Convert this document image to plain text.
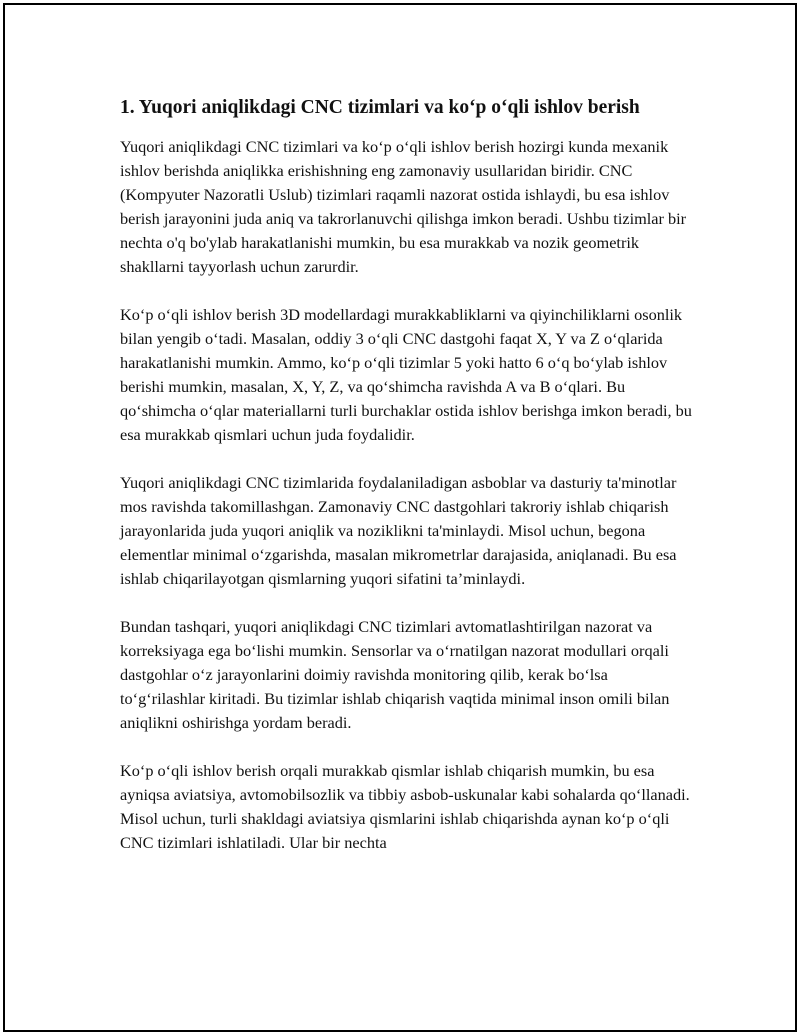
1. Yuqori aniqlikdagi CNC tizimlari va ko‘p o‘qli ishlov berish

Yuqori aniqlikdagi CNC tizimlari va ko‘p o‘qli ishlov berish hozirgi kunda mexanik ishlov berishda aniqlikka erishishning eng zamonaviy usullaridan biridir. CNC (Kompyuter Nazoratli Uslub) tizimlari raqamli nazorat ostida ishlaydi, bu esa ishlov berish jarayonini juda aniq va takrorlanuvchi qilishga imkon beradi. Ushbu tizimlar bir nechta o'q bo'ylab harakatlanishi mumkin, bu esa murakkab va nozik geometrik shakllarni tayyorlash uchun zarurdir.

Ko‘p o‘qli ishlov berish 3D modellardagi murakkabliklarni va qiyinchiliklarni osonlik bilan yengib o‘tadi. Masalan, oddiy 3 o‘qli CNC dastgohi faqat X, Y va Z o‘qlarida harakatlanishi mumkin. Ammo, ko‘p o‘qli tizimlar 5 yoki hatto 6 o‘q bo‘ylab ishlov berishi mumkin, masalan, X, Y, Z, va qo‘shimcha ravishda A va B o‘qlari. Bu qo‘shimcha o‘qlar materiallarni turli burchaklar ostida ishlov berishga imkon beradi, bu esa murakkab qismlari uchun juda foydalidir.

Yuqori aniqlikdagi CNC tizimlarida foydalaniladigan asboblar va dasturiy ta'minotlar mos ravishda takomillashgan. Zamonaviy CNC dastgohlari takroriy ishlab chiqarish jarayonlarida juda yuqori aniqlik va noziklikni ta'minlaydi. Misol uchun, begona elementlar minimal o‘zgarishda, masalan mikrometrlar darajasida, aniqlanadi. Bu esa ishlab chiqarilayotgan qismlarning yuqori sifatini ta’minlaydi.

Bundan tashqari, yuqori aniqlikdagi CNC tizimlari avtomatlashtirilgan nazorat va korreksiyaga ega bo‘lishi mumkin. Sensorlar va o‘rnatilgan nazorat modullari orqali dastgohlar o‘z jarayonlarini doimiy ravishda monitoring qilib, kerak bo‘lsa to‘g‘rilashlar kiritadi. Bu tizimlar ishlab chiqarish vaqtida minimal inson omili bilan aniqlikni oshirishga yordam beradi.

Ko‘p o‘qli ishlov berish orqali murakkab qismlar ishlab chiqarish mumkin, bu esa ayniqsa aviatsiya, avtomobilsozlik va tibbiy asbob-uskunalar kabi sohalarda qo‘llanadi. Misol uchun, turli shakldagi aviatsiya qismlarini ishlab chiqarishda aynan ko‘p o‘qli CNC tizimlari ishlatiladi. Ular bir nechta
